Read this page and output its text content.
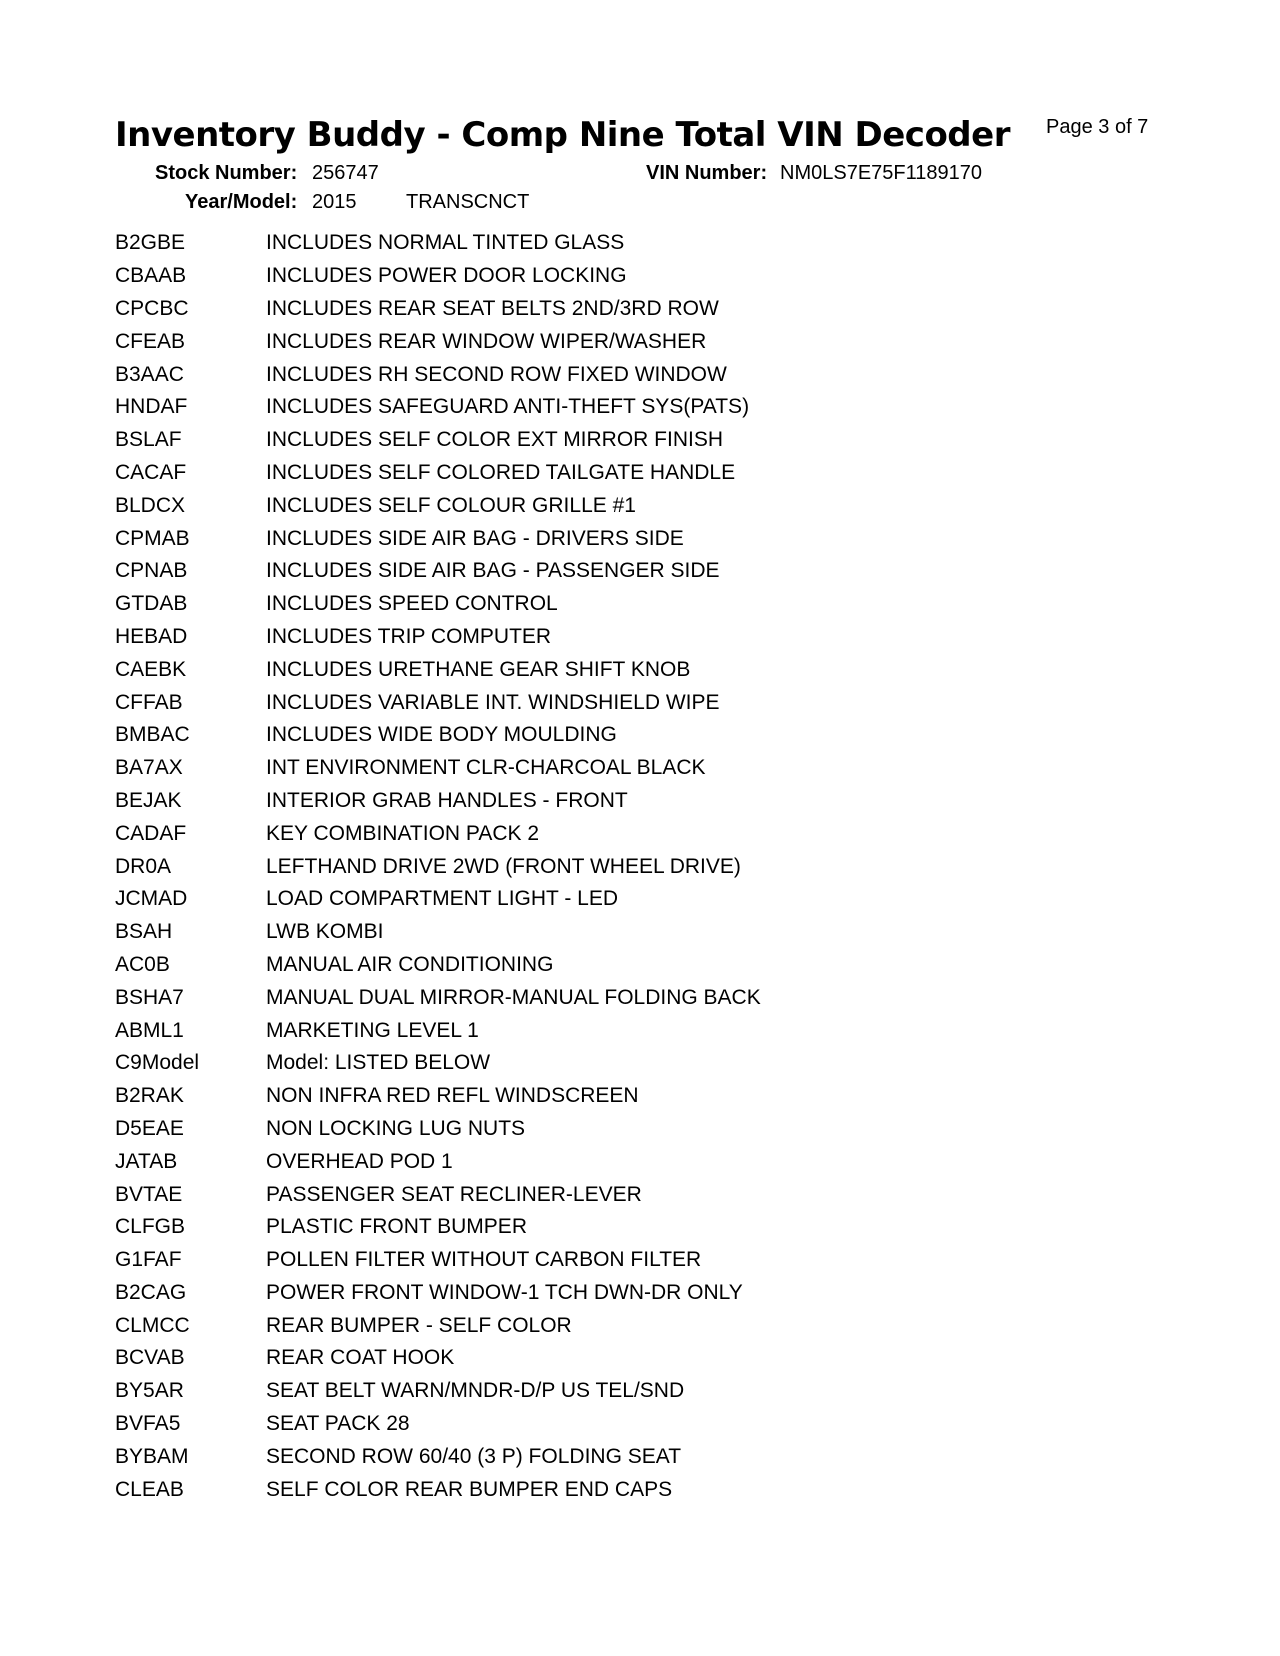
Inventory Buddy - Comp Nine Total VIN Decoder Page 3 of 7
Stock Number: 256747	VIN Number: NM0LS7E75F1189170
Year/Model: 2015 TRANSCNCT
B2GBE	INCLUDES NORMAL TINTED GLASS
CBAAB	INCLUDES POWER DOOR LOCKING
CPCBC	INCLUDES REAR SEAT BELTS 2ND/3RD ROW
CFEAB	INCLUDES REAR WINDOW WIPER/WASHER
B3AAC	INCLUDES RH SECOND ROW FIXED WINDOW
HNDAF	INCLUDES SAFEGUARD ANTI-THEFT SYS(PATS)
BSLAF	INCLUDES SELF COLOR EXT MIRROR FINISH
CACAF	INCLUDES SELF COLORED TAILGATE HANDLE
BLDCX	INCLUDES SELF COLOUR GRILLE #1
CPMAB	INCLUDES SIDE AIR BAG - DRIVERS SIDE
CPNAB	INCLUDES SIDE AIR BAG - PASSENGER SIDE
GTDAB	INCLUDES SPEED CONTROL
HEBAD	INCLUDES TRIP COMPUTER
CAEBK	INCLUDES URETHANE GEAR SHIFT KNOB
CFFAB	INCLUDES VARIABLE INT. WINDSHIELD WIPE
BMBAC	INCLUDES WIDE BODY MOULDING
BA7AX	INT ENVIRONMENT CLR-CHARCOAL BLACK
BEJAK	INTERIOR GRAB HANDLES - FRONT
CADAF	KEY COMBINATION PACK 2
DR0A	LEFTHAND DRIVE 2WD (FRONT WHEEL DRIVE)
JCMAD	LOAD COMPARTMENT LIGHT - LED
BSAH	LWB KOMBI
AC0B	MANUAL AIR CONDITIONING
BSHA7	MANUAL DUAL MIRROR-MANUAL FOLDING BACK
ABML1	MARKETING LEVEL 1
C9Model	Model: LISTED BELOW
B2RAK	NON INFRA RED REFL WINDSCREEN
D5EAE	NON LOCKING LUG NUTS
JATAB	OVERHEAD POD 1
BVTAE	PASSENGER SEAT RECLINER-LEVER
CLFGB	PLASTIC FRONT BUMPER
G1FAF	POLLEN FILTER WITHOUT CARBON FILTER
B2CAG	POWER FRONT WINDOW-1 TCH DWN-DR ONLY
CLMCC	REAR BUMPER - SELF COLOR
BCVAB	REAR COAT HOOK
BY5AR	SEAT BELT WARN/MNDR-D/P US TEL/SND
BVFA5	SEAT PACK 28
BYBAM	SECOND ROW 60/40 (3 P) FOLDING SEAT
CLEAB	SELF COLOR REAR BUMPER END CAPS
